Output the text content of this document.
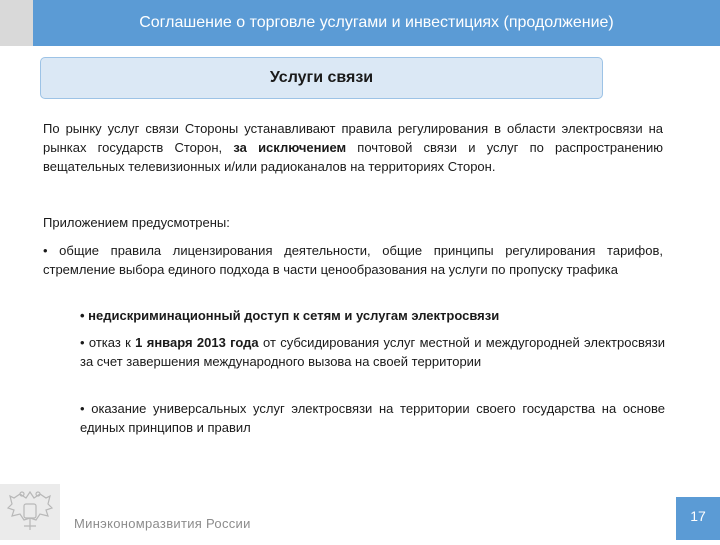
Соглашение о торговле услугами и инвестициях (продолжение)
Услуги связи
По рынку услуг связи Стороны устанавливают правила регулирования в области электросвязи на рынках государств Сторон, за исключением почтовой связи и услуг по распространению вещательных телевизионных и/или радиоканалов на территориях Сторон.
Приложением предусмотрены:
• общие правила лицензирования деятельности, общие принципы регулирования тарифов, стремление выбора единого подхода в части ценообразования на услуги по пропуску трафика
• недискриминационный доступ к сетям и услугам электросвязи
• отказ к 1 января 2013 года от субсидирования услуг местной и междугородней электросвязи за счет завершения международного вызова на своей территории
• оказание универсальных услуг электросвязи на территории своего государства на основе единых принципов и правил
Минэкономразвития России	17
